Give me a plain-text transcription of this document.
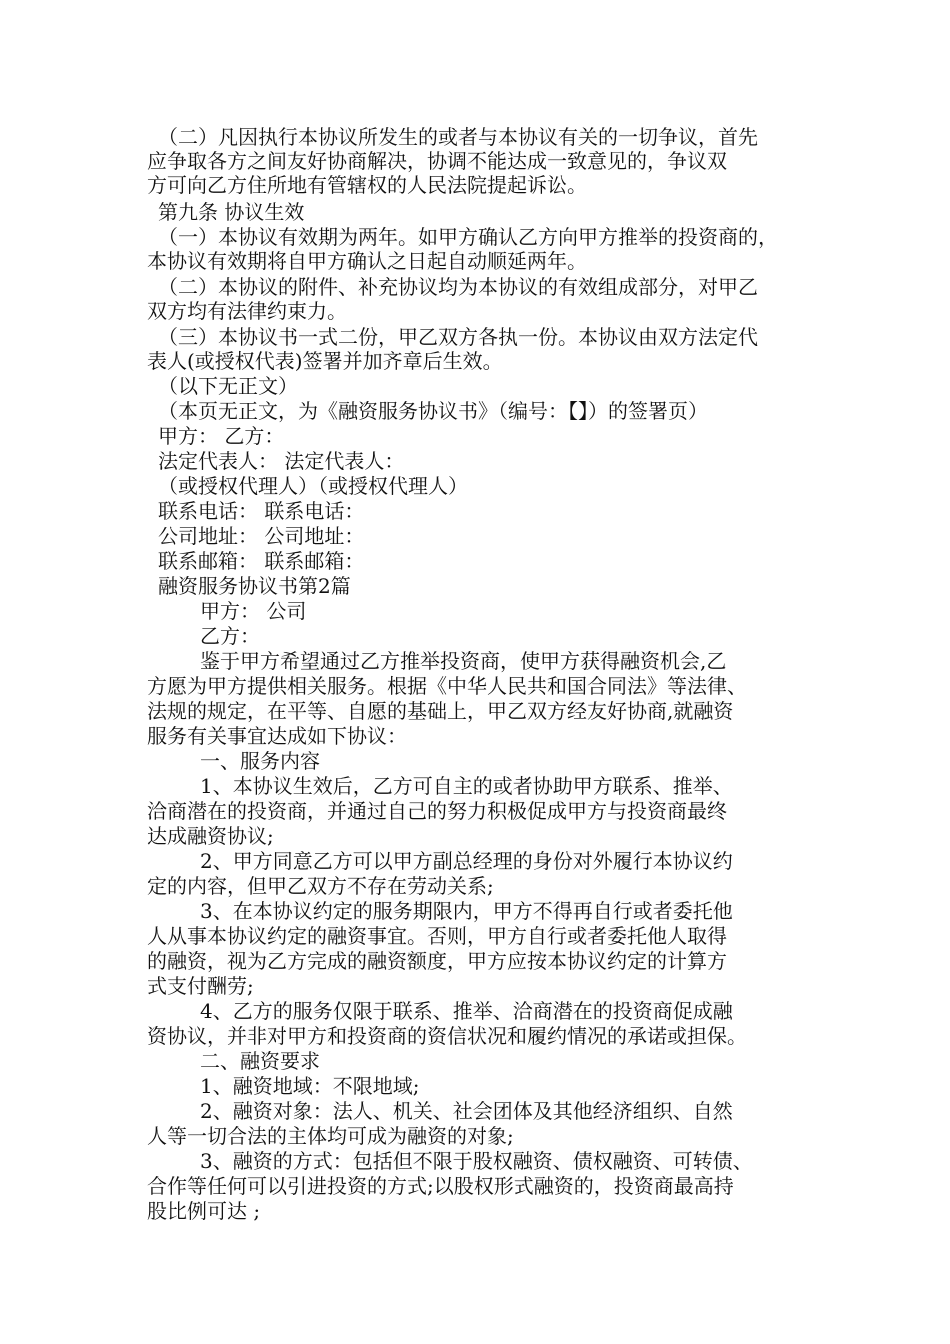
（二）凡因执行本协议所发生的或者与本协议有关的一切争议，首先
应争取各方之间友好协商解决，协调不能达成一致意见的，争议双
方可向乙方住所地有管辖权的人民法院提起诉讼。
第九条 协议生效
（一）本协议有效期为两年。如甲方确认乙方向甲方推举的投资商的，
本协议有效期将自甲方确认之日起自动顺延两年。
（二）本协议的附件、补充协议均为本协议的有效组成部分，对甲乙
双方均有法律约束力。
（三）本协议书一式二份，甲乙双方各执一份。本协议由双方法定代
表人(或授权代表)签署并加齐章后生效。
（以下无正文）
（本页无正文，为《融资服务协议书》（编号：【】）的签署页）
甲方： 乙方：
法定代表人： 法定代表人：
（或授权代理人）（或授权代理人）
联系电话： 联系电话：
公司地址： 公司地址：
联系邮箱： 联系邮箱：
融资服务协议书第2篇
甲方： 公司
乙方：
鉴于甲方希望通过乙方推举投资商，使甲方获得融资机会,乙
方愿为甲方提供相关服务。根据《中华人民共和国合同法》等法律、
法规的规定，在平等、自愿的基础上，甲乙双方经友好协商,就融资
服务有关事宜达成如下协议：
一、服务内容
1、本协议生效后，乙方可自主的或者协助甲方联系、推举、
洽商潜在的投资商，并通过自己的努力积极促成甲方与投资商最终
达成融资协议;
2、甲方同意乙方可以甲方副总经理的身份对外履行本协议约
定的内容，但甲乙双方不存在劳动关系;
3、在本协议约定的服务期限内，甲方不得再自行或者委托他
人从事本协议约定的融资事宜。否则，甲方自行或者委托他人取得
的融资，视为乙方完成的融资额度，甲方应按本协议约定的计算方
式支付酬劳;
4、乙方的服务仅限于联系、推举、洽商潜在的投资商促成融
资协议，并非对甲方和投资商的资信状况和履约情况的承诺或担保。
二、融资要求
1、融资地域：不限地域;
2、融资对象：法人、机关、社会团体及其他经济组织、自然
人等一切合法的主体均可成为融资的对象;
3、融资的方式：包括但不限于股权融资、债权融资、可转债、
合作等任何可以引进投资的方式;以股权形式融资的，投资商最高持
股比例可达 ;
